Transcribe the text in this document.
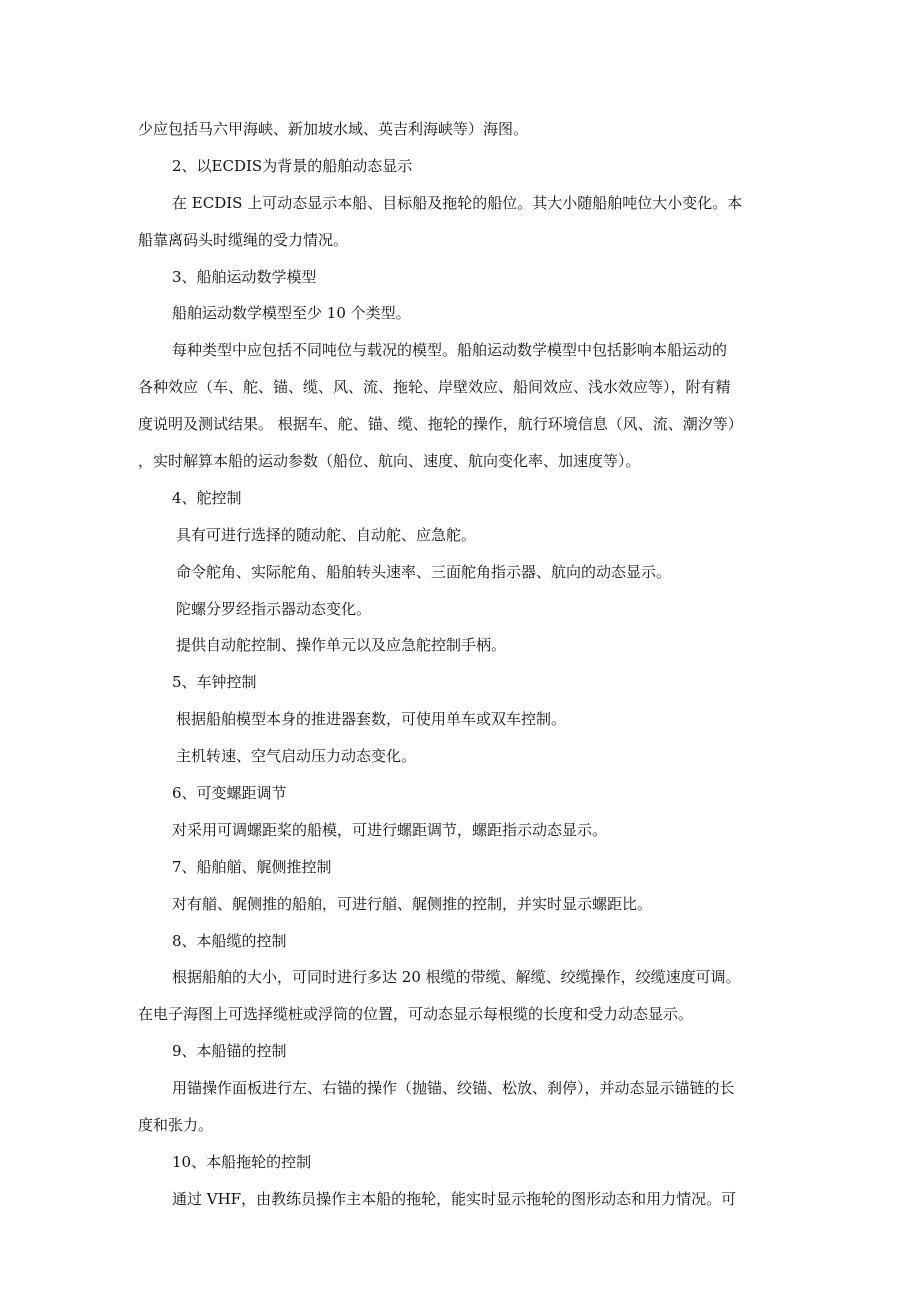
少应包括马六甲海峡、新加坡水域、英吉利海峡等）海图。
2、以ECDIS为背景的船舶动态显示
在 ECDIS 上可动态显示本船、目标船及拖轮的船位。其大小随船舶吨位大小变化。本
船靠离码头时缆绳的受力情况。
3、船舶运动数学模型
船舶运动数学模型至少 10 个类型。
每种类型中应包括不同吨位与载况的模型。船舶运动数学模型中包括影响本船运动的
各种效应（车、舵、锚、缆、风、流、拖轮、岸壁效应、船间效应、浅水效应等），附有精
度说明及测试结果。 根据车、舵、锚、缆、拖轮的操作，航行环境信息（风、流、潮汐等）
，实时解算本船的运动参数（船位、航向、速度、航向变化率、加速度等）。
4、舵控制
具有可进行选择的随动舵、自动舵、应急舵。
命令舵角、实际舵角、船舶转头速率、三面舵角指示器、航向的动态显示。
陀螺分罗经指示器动态变化。
提供自动舵控制、操作单元以及应急舵控制手柄。
5、车钟控制
根据船舶模型本身的推进器套数，可使用单车或双车控制。
主机转速、空气启动压力动态变化。
6、可变螺距调节
对采用可调螺距桨的船模，可进行螺距调节，螺距指示动态显示。
7、船舶艏、艉侧推控制
对有艏、艉侧推的船舶，可进行艏、艉侧推的控制，并实时显示螺距比。
8、本船缆的控制
根据船舶的大小，可同时进行多达 20 根缆的带缆、解缆、绞缆操作，绞缆速度可调。
在电子海图上可选择缆桩或浮筒的位置，可动态显示每根缆的长度和受力动态显示。
9、本船锚的控制
用锚操作面板进行左、右锚的操作（抛锚、绞锚、松放、刹停），并动态显示锚链的长
度和张力。
10、本船拖轮的控制
通过 VHF，由教练员操作主本船的拖轮，能实时显示拖轮的图形动态和用力情况。可
